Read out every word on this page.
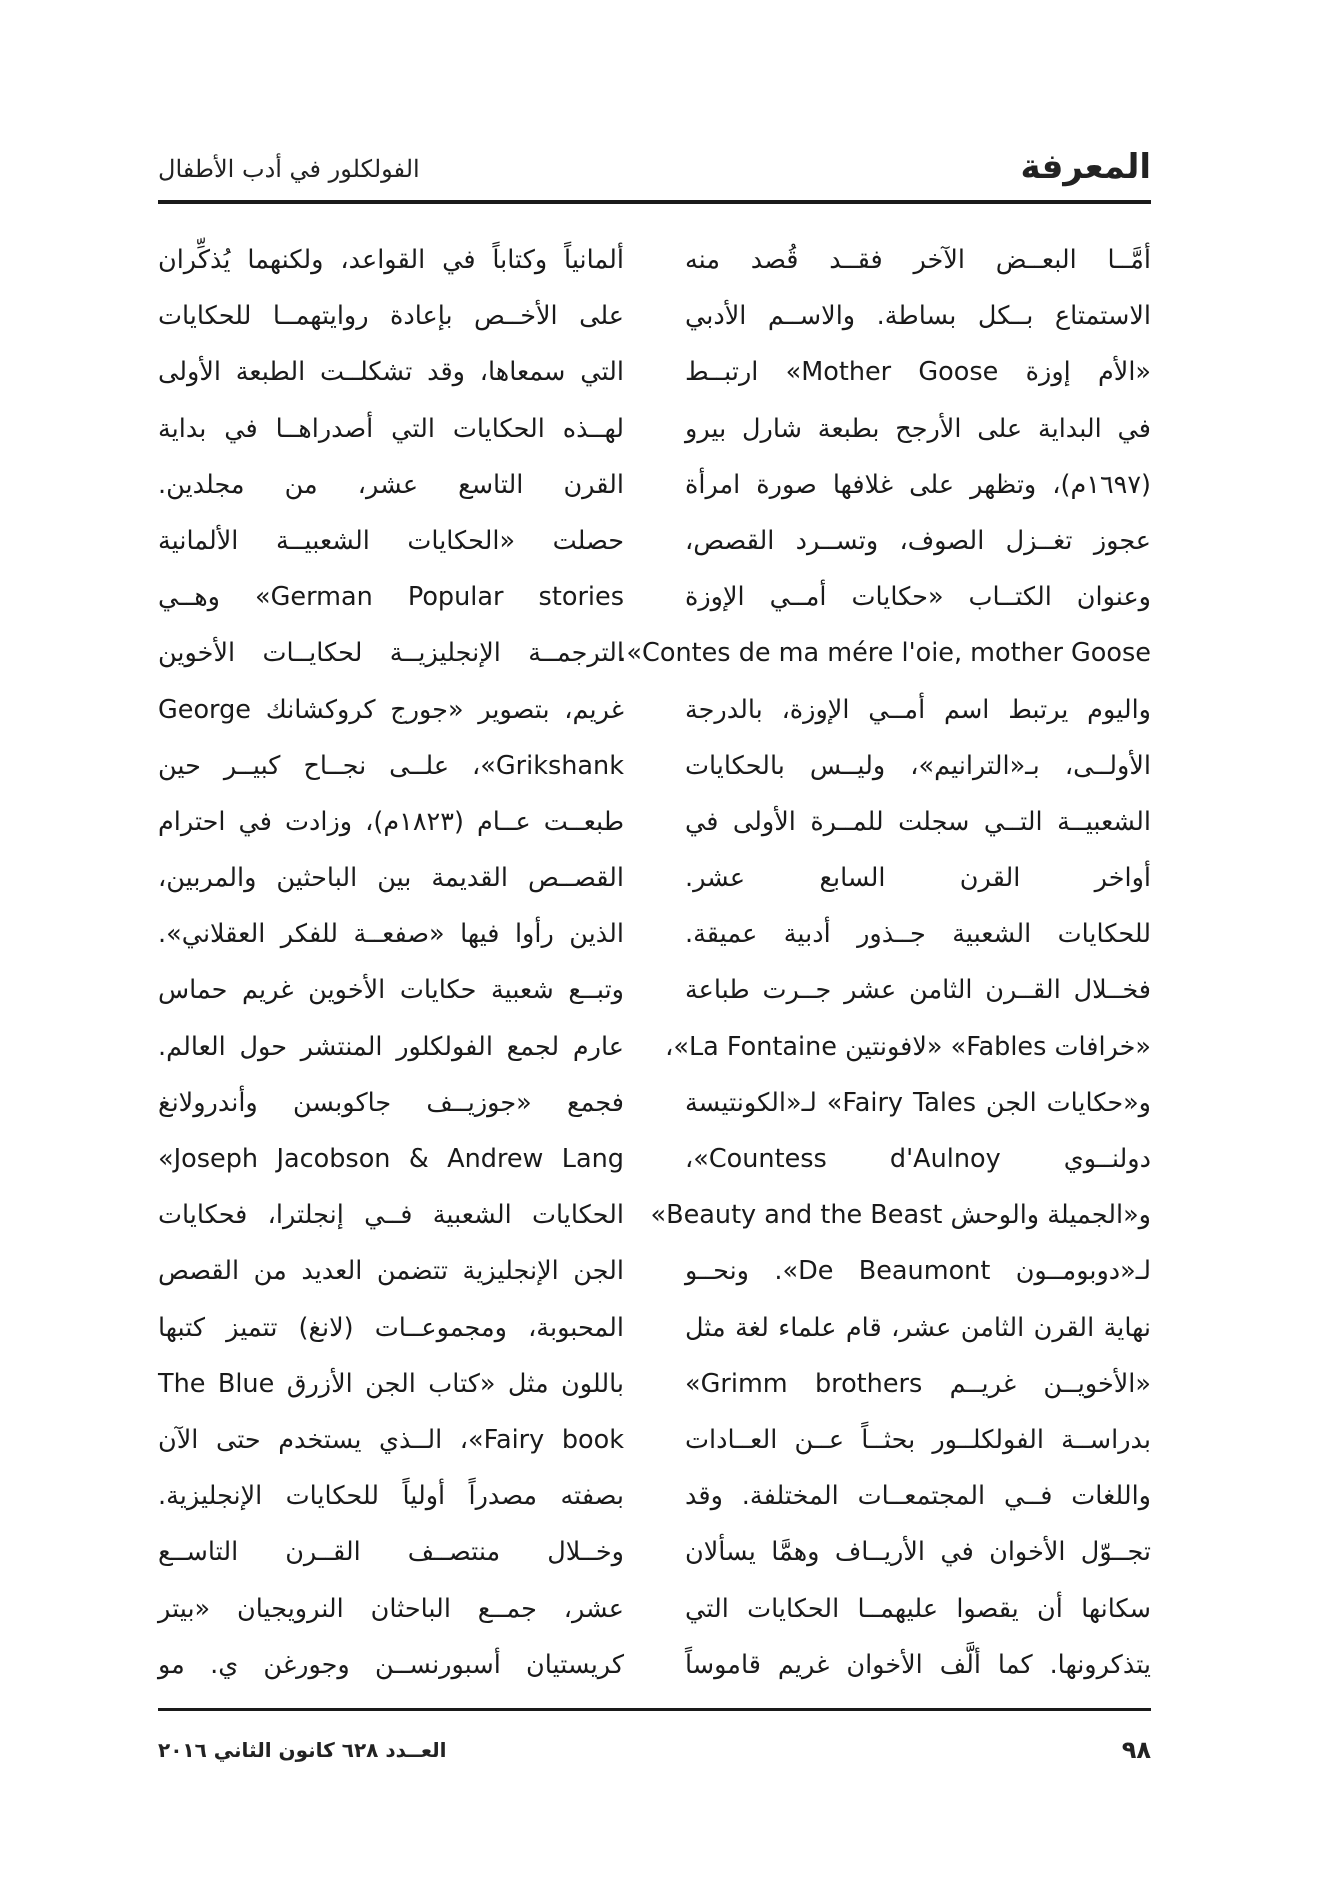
المعرفة
الفولكلور في أدب الأطفال
أمَّــا البعــض الآخر فقــد قُصد منه
الاستمتاع بــكل بساطة. والاســم الأدبي
«الأم إوزة Mother Goose» ارتبــط
في البداية على الأرجح بطبعة شارل بيرو
(١٦٩٧م)، وتظهر على غلافها صورة امرأة
عجوز تغــزل الصوف، وتســرد القصص،
وعنوان الكتــاب «حكايات أمــي الإوزة
Contes de ma mére l'oie, mother Goose».
واليوم يرتبط اسم أمــي الإوزة، بالدرجة
الأولــى، بـ«الترانيم»، وليــس بالحكايات
الشعبيــة التــي سجلت للمــرة الأولى في
أواخر القرن السابع عشر.
للحكايات الشعبية جــذور أدبية عميقة.
فخــلال القــرن الثامن عشر جــرت طباعة
«خرافات Fables» «لافونتين La Fontaine»،
و«حكايات الجن Fairy Tales» لـ«الكونتيسة
دولنــوي Countess d'Aulnoy»،
و«الجميلة والوحش Beauty and the Beast»
لـ«دوبومــون De Beaumont». ونحــو
نهاية القرن الثامن عشر، قام علماء لغة مثل
«الأخويــن غريــم Grimm brothers»
بدراســة الفولكلــور بحثــاً عــن العــادات
واللغات فــي المجتمعــات المختلفة. وقد
تجــوّل الأخوان في الأريــاف وهمَّا يسألان
سكانها أن يقصوا عليهمــا الحكايات التي
يتذكرونها. كما ألَّف الأخوان غريم قاموساً
ألمانياً وكتاباً في القواعد، ولكنهما يُذكِّران
على الأخــص بإعادة روايتهمــا للحكايات
التي سمعاها، وقد تشكلــت الطبعة الأولى
لهــذه الحكايات التي أصدراهــا في بداية
القرن التاسع عشر، من مجلدين.
حصلت «الحكايات الشعبيــة الألمانية
German Popular stories» وهــي
الترجمــة الإنجليزيــة لحكايــات الأخوين
غريم، بتصوير «جورج كروكشانك George
Grikshank»، علــى نجــاح كبيــر حين
طبعــت عــام (١٨٢٣م)، وزادت في احترام
القصــص القديمة بين الباحثين والمربين،
الذين رأوا فيها «صفعــة للفكر العقلاني».
وتبــع شعبية حكايات الأخوين غريم حماس
عارم لجمع الفولكلور المنتشر حول العالم.
فجمع «جوزيــف جاكوبسن وأندرولانغ
Joseph Jacobson & Andrew Lang»
الحكايات الشعبية فــي إنجلترا، فحكايات
الجن الإنجليزية تتضمن العديد من القصص
المحبوبة، ومجموعــات (لانغ) تتميز كتبها
باللون مثل «كتاب الجن الأزرق The Blue
Fairy book»، الــذي يستخدم حتى الآن
بصفته مصدراً أولياً للحكايات الإنجليزية.
وخــلال منتصــف القــرن التاســع
عشر، جمــع الباحثان النرويجيان «بيتر
كريستيان أسبورنســن وجورغن ي. مو
٩٨
العــدد ٦٢٨ كانون الثاني ٢٠١٦
